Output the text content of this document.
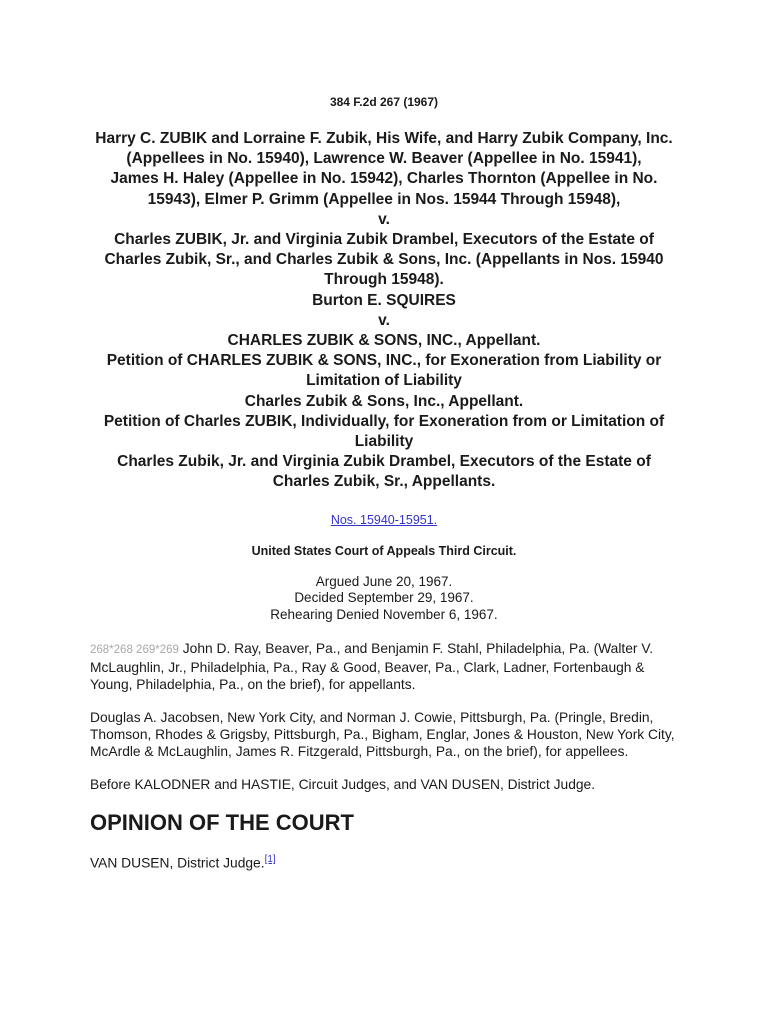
384 F.2d 267 (1967)
Harry C. ZUBIK and Lorraine F. Zubik, His Wife, and Harry Zubik Company, Inc. (Appellees in No. 15940), Lawrence W. Beaver (Appellee in No. 15941),
James H. Haley (Appellee in No. 15942), Charles Thornton (Appellee in No. 15943), Elmer P. Grimm (Appellee in Nos. 15944 Through 15948),
v.
Charles ZUBIK, Jr. and Virginia Zubik Drambel, Executors of the Estate of Charles Zubik, Sr., and Charles Zubik & Sons, Inc. (Appellants in Nos. 15940 Through 15948).
Burton E. SQUIRES
v.
CHARLES ZUBIK & SONS, INC., Appellant.
Petition of CHARLES ZUBIK & SONS, INC., for Exoneration from Liability or Limitation of Liability
Charles Zubik & Sons, Inc., Appellant.
Petition of Charles ZUBIK, Individually, for Exoneration from or Limitation of Liability
Charles Zubik, Jr. and Virginia Zubik Drambel, Executors of the Estate of Charles Zubik, Sr., Appellants.
Nos. 15940-15951.
United States Court of Appeals Third Circuit.
Argued June 20, 1967.
Decided September 29, 1967.
Rehearing Denied November 6, 1967.
268*268 269*269 John D. Ray, Beaver, Pa., and Benjamin F. Stahl, Philadelphia, Pa. (Walter V. McLaughlin, Jr., Philadelphia, Pa., Ray & Good, Beaver, Pa., Clark, Ladner, Fortenbaugh & Young, Philadelphia, Pa., on the brief), for appellants.
Douglas A. Jacobsen, New York City, and Norman J. Cowie, Pittsburgh, Pa. (Pringle, Bredin, Thomson, Rhodes & Grigsby, Pittsburgh, Pa., Bigham, Englar, Jones & Houston, New York City, McArdle & McLaughlin, James R. Fitzgerald, Pittsburgh, Pa., on the brief), for appellees.
Before KALODNER and HASTIE, Circuit Judges, and VAN DUSEN, District Judge.
OPINION OF THE COURT
VAN DUSEN, District Judge.[1]
